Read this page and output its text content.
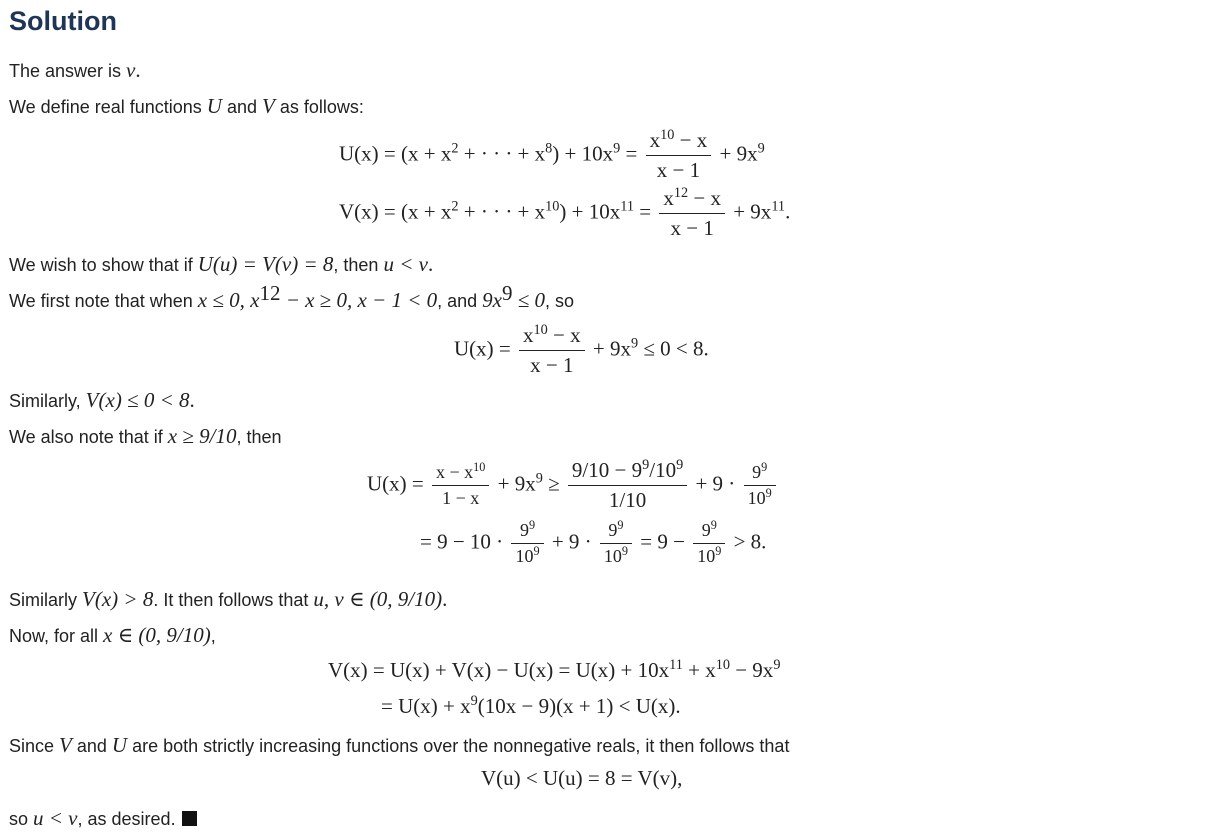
Solution

The answer is v.

We define real functions U and V as follows:

$U(x) = (x + x^2$ + · · · + $x^8) + 10x^9 = \frac{x^{10} - x}{x - 1} + 9x^9$
$V(x) = (x + x^2$ + · · · + $x^{10}) + 10x^{11} = \frac{x^{12} - x}{x - 1} + 9x^{11}$.

We wish to show that if U(u) = V(v) = 8, then u < v.

We first note that when x ≤ 0, $x^{12} - x \ge 0$, x − 1 < 0, and $9x^9 \le 0$, so

$U(x) = \frac{x^{10} - x}{x - 1} + 9x^9 \le 0 < 8$.

Similarly, V(x) ≤ 0 < 8.

We also note that if x ≥ 9/10, then

$U(x) = \frac{x - x^{10}}{1 - x} + 9x^9 \ge \frac{9/10 - 9^9/10^9}{1/10} + 9 \cdot \frac{9^9}{10^9}$
= $9 - 10 \cdot \frac{9^9}{10^9} + 9 \cdot \frac{9^9}{10^9} = 9 - \frac{9^9}{10^9} > 8$.

Similarly V(x) > 8. It then follows that u, v ∈ (0, 9/10).

Now, for all x ∈ (0, 9/10),

$V(x) = U(x) + V(x) - U(x) = U(x) + 10x^{11} + x^{10} - 9x^9$
= $U(x) + x^9(10x - 9)(x + 1) < U(x)$.

Since V and U are both strictly increasing functions over the nonnegative reals, it then follows that

V(u) < U(u) = 8 = V(v),

so u < v, as desired.
